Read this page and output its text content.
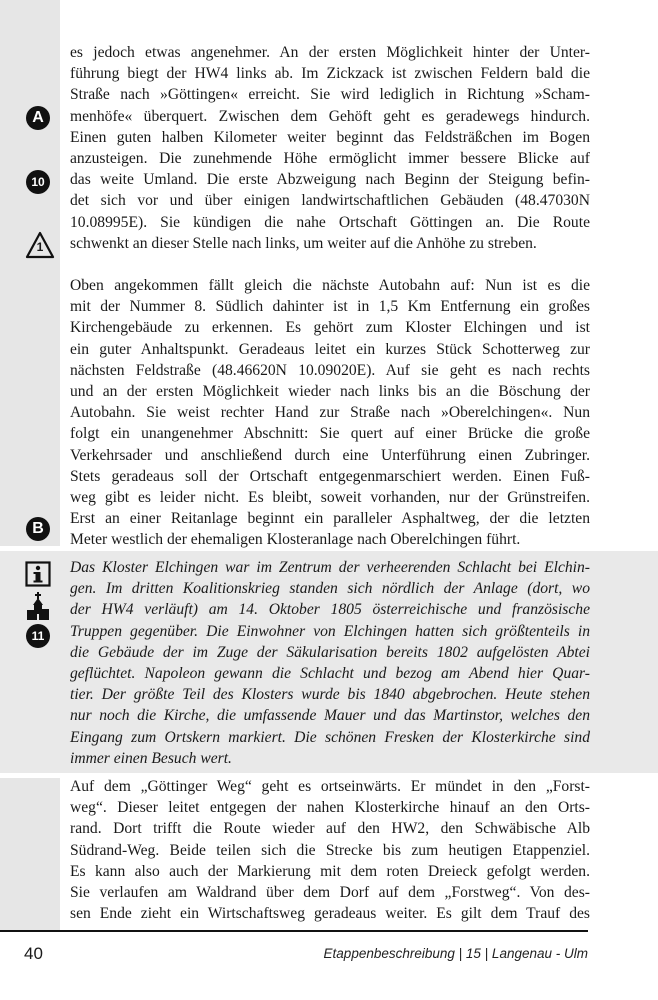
es jedoch etwas angenehmer. An der ersten Möglichkeit hinter der Unter-
führung biegt der HW4 links ab. Im Zickzack ist zwischen Feldern bald die
Straße nach »Göttingen« erreicht. Sie wird lediglich in Richtung »Scham-
menhöfe« überquert. Zwischen dem Gehöft geht es geradewegs hindurch.
Einen guten halben Kilometer weiter beginnt das Feldsträßchen im Bogen
anzusteigen. Die zunehmende Höhe ermöglicht immer bessere Blicke auf
das weite Umland. Die erste Abzweigung nach Beginn der Steigung befin-
det sich vor und über einigen landwirtschaftlichen Gebäuden (48.47030N
10.08995E). Sie kündigen die nahe Ortschaft Göttingen an. Die Route
schwenkt an dieser Stelle nach links, um weiter auf die Anhöhe zu streben.
Oben angekommen fällt gleich die nächste Autobahn auf: Nun ist es die
mit der Nummer 8. Südlich dahinter ist in 1,5 Km Entfernung ein großes
Kirchengebäude zu erkennen. Es gehört zum Kloster Elchingen und ist
ein guter Anhaltspunkt. Geradeaus leitet ein kurzes Stück Schotterweg zur
nächsten Feldstraße (48.46620N 10.09020E). Auf sie geht es nach rechts
und an der ersten Möglichkeit wieder nach links bis an die Böschung der
Autobahn. Sie weist rechter Hand zur Straße nach »Oberelchingen«. Nun
folgt ein unangenehmer Abschnitt: Sie quert auf einer Brücke die große
Verkehrsader und anschließend durch eine Unterführung einen Zubringer.
Stets geradeaus soll der Ortschaft entgegenmarschiert werden. Einen Fuß-
weg gibt es leider nicht. Es bleibt, soweit vorhanden, nur der Grünstreifen.
Erst an einer Reitanlage beginnt ein paralleler Asphaltweg, der die letzten
Meter westlich der ehemaligen Klosteranlage nach Oberelchingen führt.
Das Kloster Elchingen war im Zentrum der verheerenden Schlacht bei Elchin-
gen. Im dritten Koalitionskrieg standen sich nördlich der Anlage (dort, wo
der HW4 verläuft) am 14. Oktober 1805 österreichische und französische
Truppen gegenüber. Die Einwohner von Elchingen hatten sich größtenteils in
die Gebäude der im Zuge der Säkularisation bereits 1802 aufgelösten Abtei
geflüchtet. Napoleon gewann die Schlacht und bezog am Abend hier Quar-
tier. Der größte Teil des Klosters wurde bis 1840 abgebrochen. Heute stehen
nur noch die Kirche, die umfassende Mauer und das Martinstor, welches den
Eingang zum Ortskern markiert. Die schönen Fresken der Klosterkirche sind
immer einen Besuch wert.
Auf dem „Göttinger Weg“ geht es ortseinwärts. Er mündet in den „Forst-
weg“. Dieser leitet entgegen der nahen Klosterkirche hinauf an den Orts-
rand. Dort trifft die Route wieder auf den HW2, den Schwäbische Alb
Südrand-Weg. Beide teilen sich die Strecke bis zum heutigen Etappenziel.
Es kann also auch der Markierung mit dem roten Dreieck gefolgt werden.
Sie verlaufen am Waldrand über dem Dorf auf dem „Forstweg“. Von des-
sen Ende zieht ein Wirtschaftsweg geradeaus weiter. Es gilt dem Trauf des
A
10
1
B
11
40	Etappenbeschreibung | 15 | Langenau - Ulm
